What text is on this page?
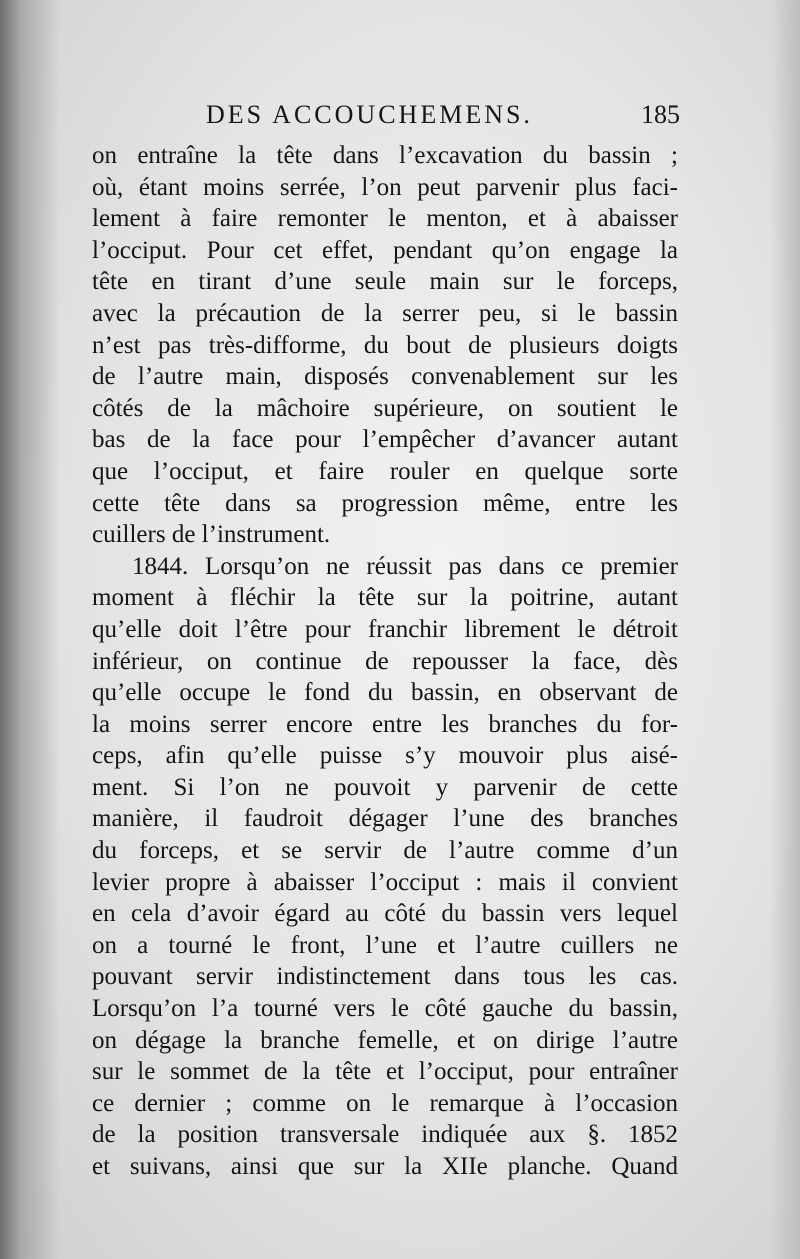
DES ACCOUCHEMENS.	185
on entraîne la tête dans l’excavation du bassin ;
où, étant moins serrée, l’on peut parvenir plus faci-
lement à faire remonter le menton, et à abaisser
l’occiput. Pour cet effet, pendant qu’on engage la
tête en tirant d’une seule main sur le forceps,
avec la précaution de la serrer peu, si le bassin
n’est pas très-difforme, du bout de plusieurs doigts
de l’autre main, disposés convenablement sur les
côtés de la mâchoire supérieure, on soutient le
bas de la face pour l’empêcher d’avancer autant
que l’occiput, et faire rouler en quelque sorte
cette tête dans sa progression même, entre les
cuillers de l’instrument.
1844. Lorsqu’on ne réussit pas dans ce premier
moment à fléchir la tête sur la poitrine, autant
qu’elle doit l’être pour franchir librement le détroit
inférieur, on continue de repousser la face, dès
qu’elle occupe le fond du bassin, en observant de
la moins serrer encore entre les branches du for-
ceps, afin qu’elle puisse s’y mouvoir plus aisé-
ment. Si l’on ne pouvoit y parvenir de cette
manière, il faudroit dégager l’une des branches
du forceps, et se servir de l’autre comme d’un
levier propre à abaisser l’occiput : mais il convient
en cela d’avoir égard au côté du bassin vers lequel
on a tourné le front, l’une et l’autre cuillers ne
pouvant servir indistinctement dans tous les cas.
Lorsqu’on l’a tourné vers le côté gauche du bassin,
on dégage la branche femelle, et on dirige l’autre
sur le sommet de la tête et l’occiput, pour entraîner
ce dernier ; comme on le remarque à l’occasion
de la position transversale indiquée aux §. 1852
et suivans, ainsi que sur la XIIe planche. Quand
